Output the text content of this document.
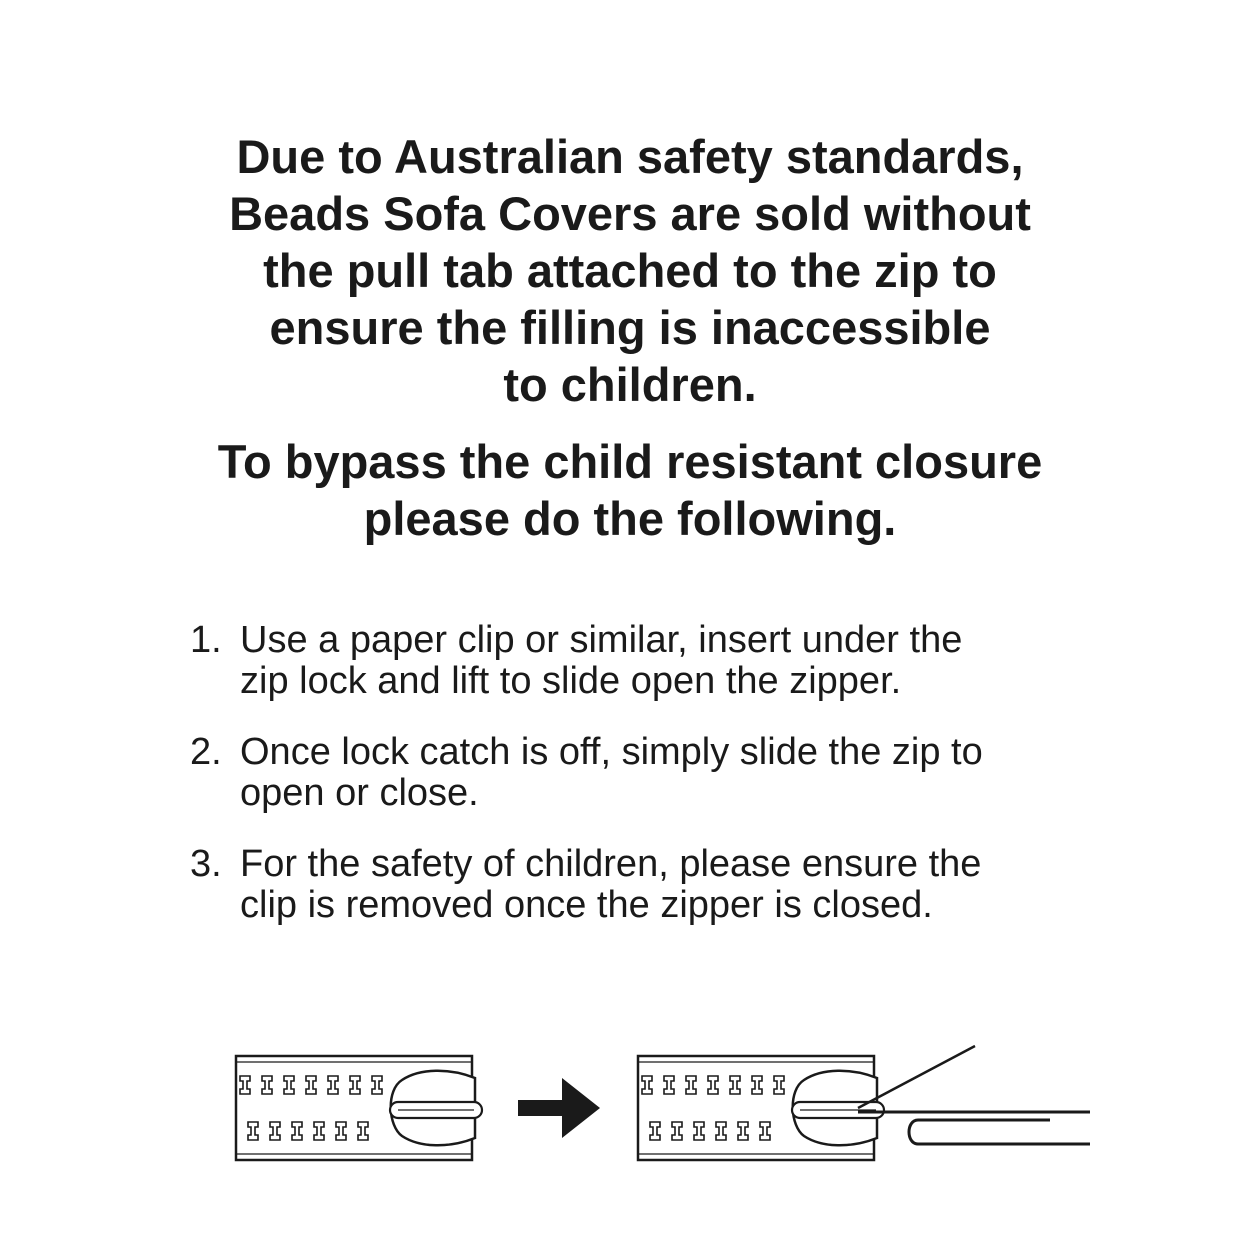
Due to Australian safety standards,
Beads Sofa Covers are sold without
the pull tab attached to the zip to
ensure the filling is inaccessible
to children.
To bypass the child resistant closure
please do the following.
1. Use a paper clip or similar, insert under the
zip lock and lift to slide open the zipper.
2. Once lock catch is off, simply slide the zip to
open or close.
3. For the safety of children, please ensure the
clip is removed once the zipper is closed.
